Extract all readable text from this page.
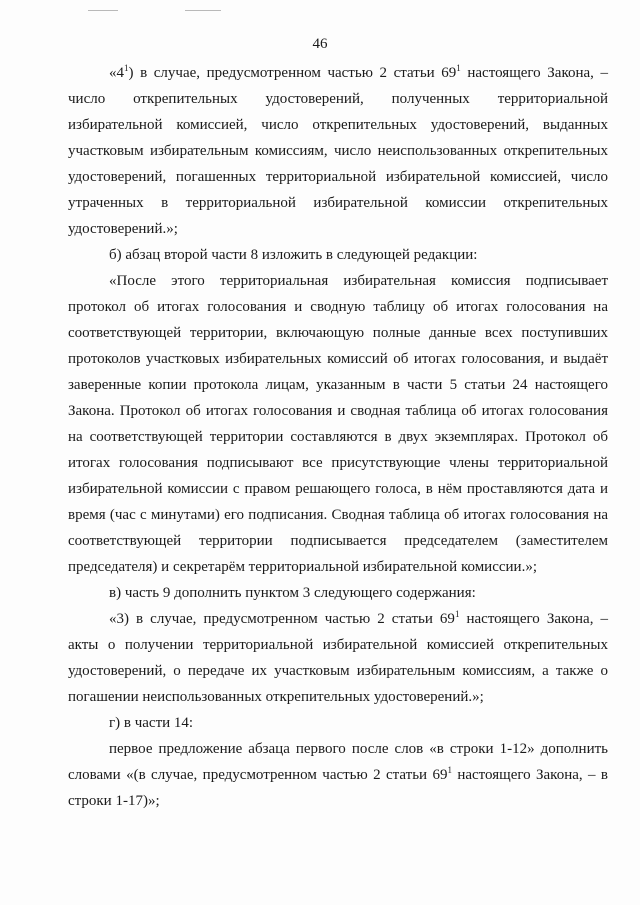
46

«$4^1$) в случае, предусмотренном частью 2 статьи $69^1$ настоящего Закона, – число открепительных удостоверений, полученных территориальной избирательной комиссией, число открепительных удостоверений, выданных участковым избирательным комиссиям, число неиспользованных открепительных удостоверений, погашенных территориальной избирательной комиссией, число утраченных в территориальной избирательной комиссии открепительных удостоверений.»;

б) абзац второй части 8 изложить в следующей редакции:

«После этого территориальная избирательная комиссия подписывает протокол об итогах голосования и сводную таблицу об итогах голосования на соответствующей территории, включающую полные данные всех поступивших протоколов участковых избирательных комиссий об итогах голосования, и выдаёт заверенные копии протокола лицам, указанным в части 5 статьи 24 настоящего Закона. Протокол об итогах голосования и сводная таблица об итогах голосования на соответствующей территории составляются в двух экземплярах. Протокол об итогах голосования подписывают все присутствующие члены территориальной избирательной комиссии с правом решающего голоса, в нём проставляются дата и время (час с минутами) его подписания. Сводная таблица об итогах голосования на соответствующей территории подписывается председателем (заместителем председателя) и секретарём территориальной избирательной комиссии.»;

в) часть 9 дополнить пунктом 3 следующего содержания:

«3) в случае, предусмотренном частью 2 статьи $69^1$ настоящего Закона, – акты о получении территориальной избирательной комиссией открепительных удостоверений, о передаче их участковым избирательным комиссиям, а также о погашении неиспользованных открепительных удостоверений.»;

г) в части 14:

первое предложение абзаца первого после слов «в строки 1-12» дополнить словами «(в случае, предусмотренном частью 2 статьи $69^1$ настоящего Закона, – в строки 1-17)»;
